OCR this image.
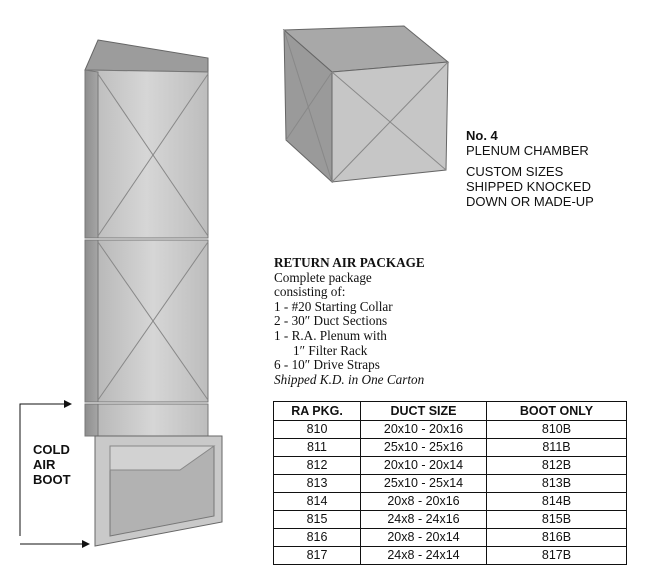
No. 4
PLENUM CHAMBER
CUSTOM SIZES
SHIPPED KNOCKED
DOWN OR MADE-UP
RETURN AIR PACKAGE
Complete package
consisting of:
1 - #20 Starting Collar
2 - 30″ Duct Sections
1 - R.A. Plenum with
1″ Filter Rack
6 - 10″ Drive Straps
Shipped K.D. in One Carton
COLD
AIR
BOOT
RA PKG.	DUCT SIZE	BOOT ONLY
810	20x10 - 20x16	810B
811	25x10 - 25x16	811B
812	20x10 - 20x14	812B
813	25x10 - 25x14	813B
814	20x8 - 20x16	814B
815	24x8 - 24x16	815B
816	20x8 - 20x14	816B
817	24x8 - 24x14	817B
